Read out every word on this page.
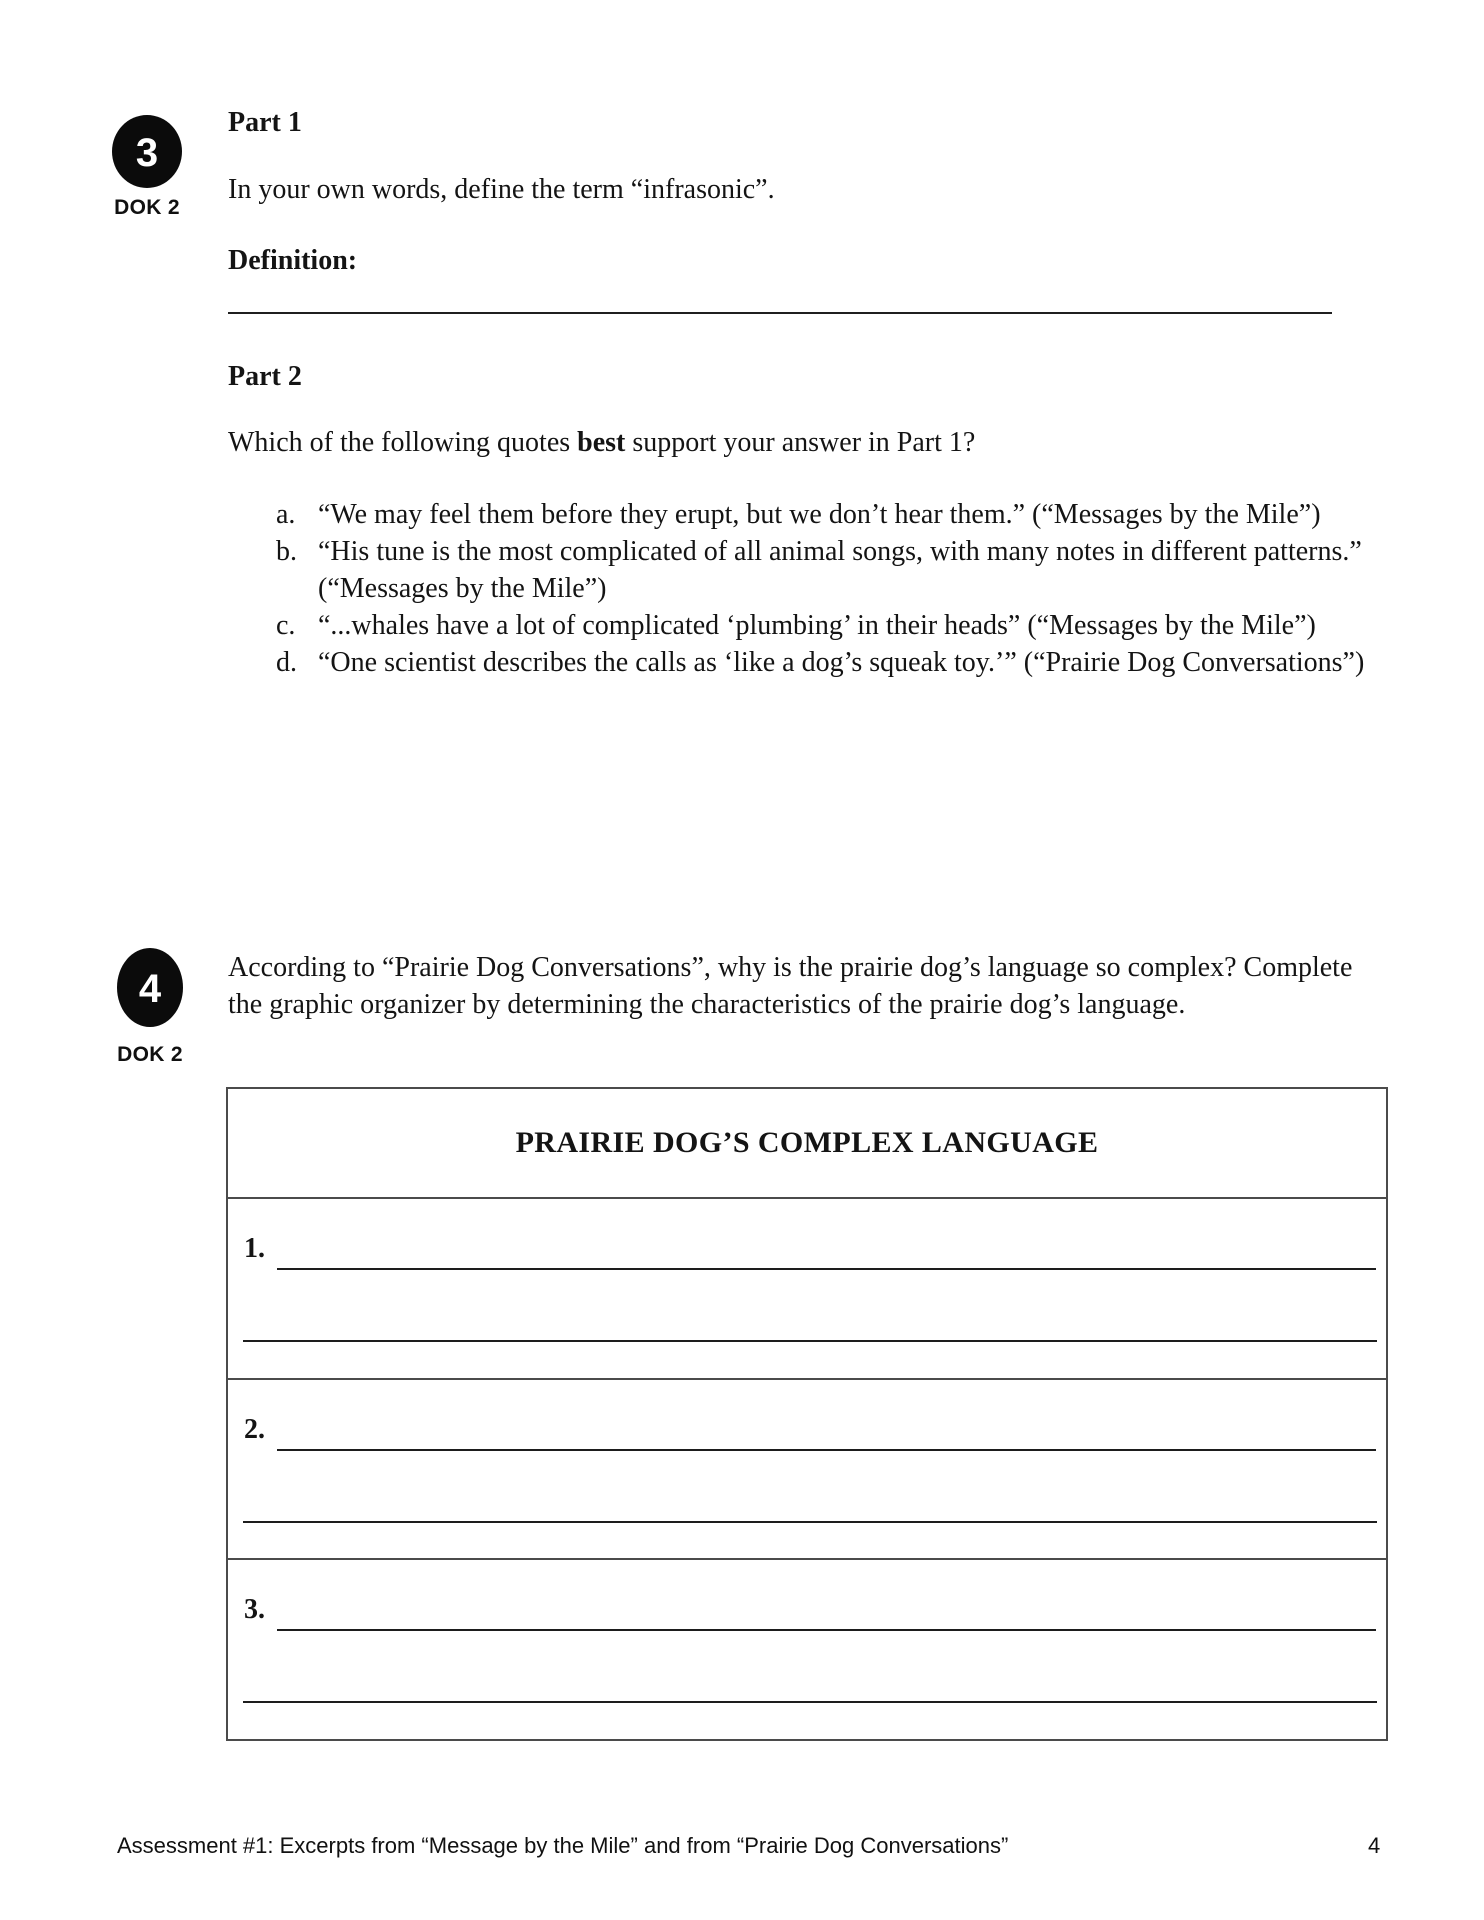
3
DOK 2
Part 1
In your own words, define the term “infrasonic”.
Definition:
Part 2
Which of the following quotes best support your answer in Part 1?
a. “We may feel them before they erupt, but we don’t hear them.” (“Messages by the Mile”)
b. “His tune is the most complicated of all animal songs, with many notes in different patterns.” (“Messages by the Mile”)
c. “...whales have a lot of complicated ‘plumbing’ in their heads” (“Messages by the Mile”)
d. “One scientist describes the calls as ‘like a dog’s squeak toy.’” (“Prairie Dog Conversations”)
4
DOK 2
According to “Prairie Dog Conversations”, why is the prairie dog’s language so complex? Complete the graphic organizer by determining the characteristics of the prairie dog’s language.
PRAIRIE DOG’S COMPLEX LANGUAGE
1.
2.
3.
Assessment #1: Excerpts from “Message by the Mile” and from “Prairie Dog Conversations”	4
